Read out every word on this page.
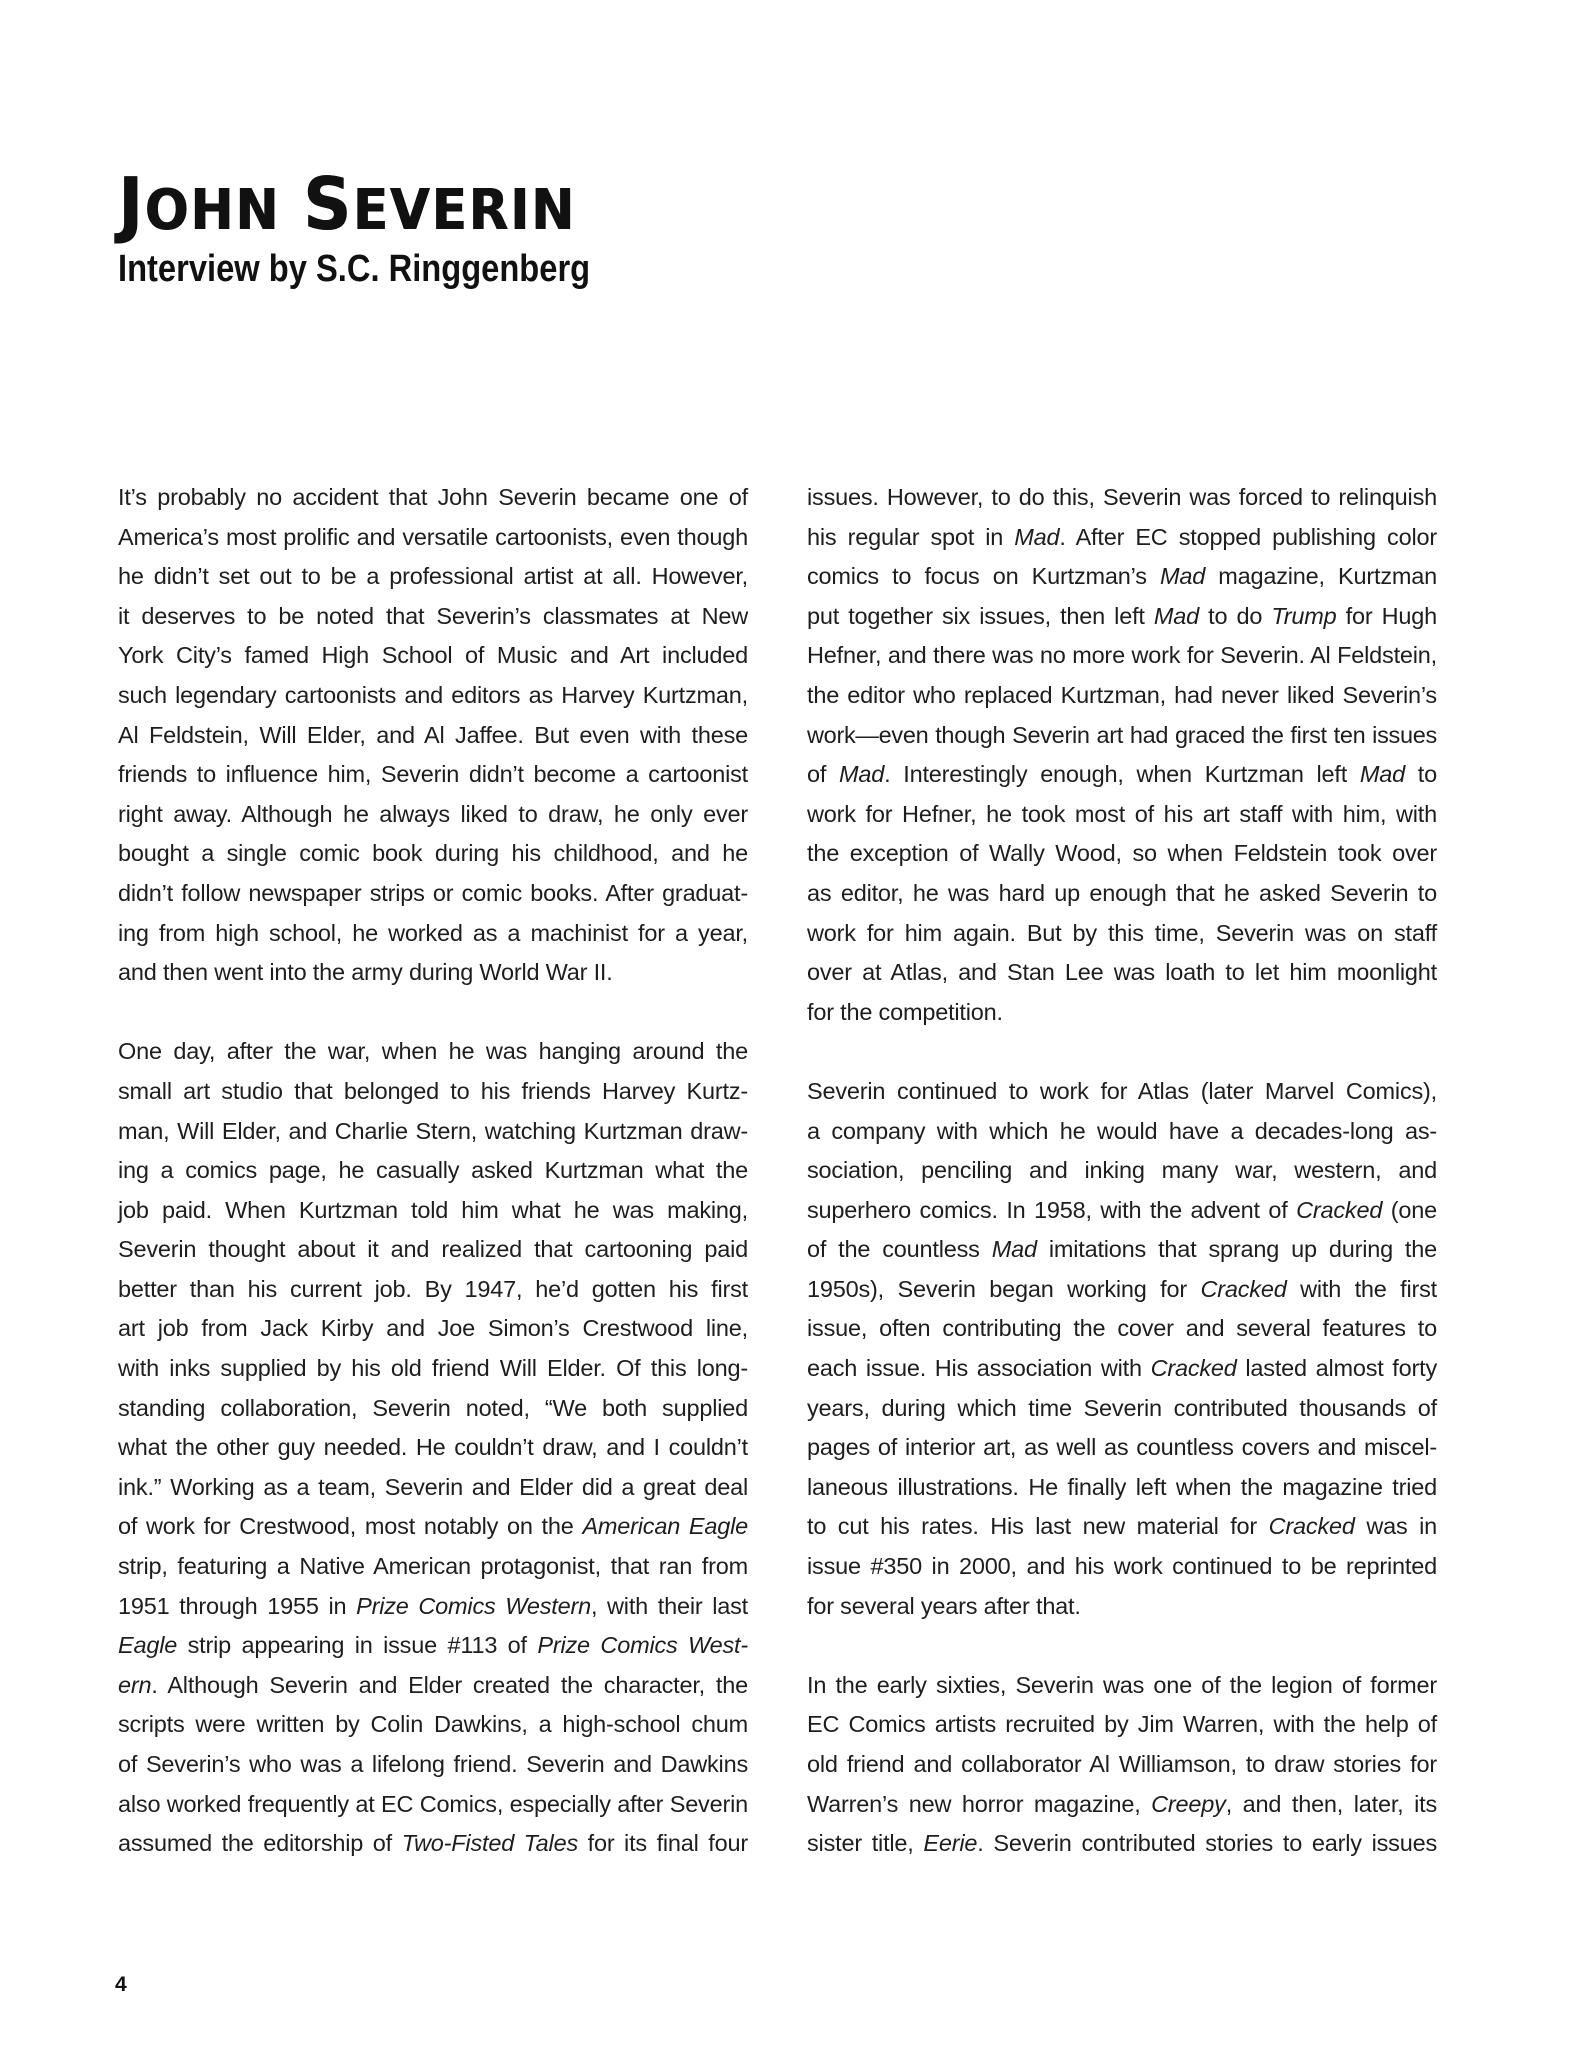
JOHN SEVERIN
Interview by S.C. Ringgenberg

It’s probably no accident that John Severin became one of
America’s most prolific and versatile cartoonists, even though
he didn’t set out to be a professional artist at all. However,
it deserves to be noted that Severin’s classmates at New
York City’s famed High School of Music and Art included
such legendary cartoonists and editors as Harvey Kurtzman,
Al Feldstein, Will Elder, and Al Jaffee. But even with these
friends to influence him, Severin didn’t become a cartoonist
right away. Although he always liked to draw, he only ever
bought a single comic book during his childhood, and he
didn’t follow newspaper strips or comic books. After graduat-
ing from high school, he worked as a machinist for a year,
and then went into the army during World War II.

One day, after the war, when he was hanging around the
small art studio that belonged to his friends Harvey Kurtz-
man, Will Elder, and Charlie Stern, watching Kurtzman draw-
ing a comics page, he casually asked Kurtzman what the
job paid. When Kurtzman told him what he was making,
Severin thought about it and realized that cartooning paid
better than his current job. By 1947, he’d gotten his first
art job from Jack Kirby and Joe Simon’s Crestwood line,
with inks supplied by his old friend Will Elder. Of this long-
standing collaboration, Severin noted, “We both supplied
what the other guy needed. He couldn’t draw, and I couldn’t
ink.” Working as a team, Severin and Elder did a great deal
of work for Crestwood, most notably on the American Eagle
strip, featuring a Native American protagonist, that ran from
1951 through 1955 in Prize Comics Western, with their last
Eagle strip appearing in issue #113 of Prize Comics West-
ern. Although Severin and Elder created the character, the
scripts were written by Colin Dawkins, a high-school chum
of Severin’s who was a lifelong friend. Severin and Dawkins
also worked frequently at EC Comics, especially after Severin
assumed the editorship of Two-Fisted Tales for its final four

issues. However, to do this, Severin was forced to relinquish
his regular spot in Mad. After EC stopped publishing color
comics to focus on Kurtzman’s Mad magazine, Kurtzman
put together six issues, then left Mad to do Trump for Hugh
Hefner, and there was no more work for Severin. Al Feldstein,
the editor who replaced Kurtzman, had never liked Severin’s
work—even though Severin art had graced the first ten issues
of Mad. Interestingly enough, when Kurtzman left Mad to
work for Hefner, he took most of his art staff with him, with
the exception of Wally Wood, so when Feldstein took over
as editor, he was hard up enough that he asked Severin to
work for him again. But by this time, Severin was on staff
over at Atlas, and Stan Lee was loath to let him moonlight
for the competition.

Severin continued to work for Atlas (later Marvel Comics),
a company with which he would have a decades-long as-
sociation, penciling and inking many war, western, and
superhero comics. In 1958, with the advent of Cracked (one
of the countless Mad imitations that sprang up during the
1950s), Severin began working for Cracked with the first
issue, often contributing the cover and several features to
each issue. His association with Cracked lasted almost forty
years, during which time Severin contributed thousands of
pages of interior art, as well as countless covers and miscel-
laneous illustrations. He finally left when the magazine tried
to cut his rates. His last new material for Cracked was in
issue #350 in 2000, and his work continued to be reprinted
for several years after that.

In the early sixties, Severin was one of the legion of former
EC Comics artists recruited by Jim Warren, with the help of
old friend and collaborator Al Williamson, to draw stories for
Warren’s new horror magazine, Creepy, and then, later, its
sister title, Eerie. Severin contributed stories to early issues

4
